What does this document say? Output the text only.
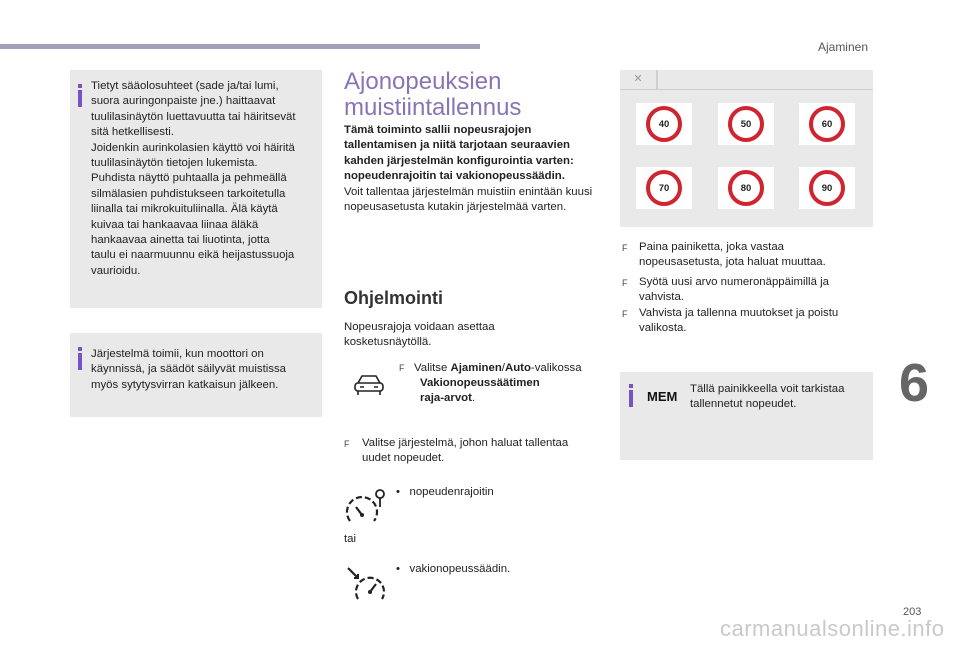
Ajaminen
6
203
carmanualsonline.info
Tietyt sääolosuhteet (sade ja/tai lumi,
suora auringonpaiste jne.) haittaavat
tuulilasinäytön luettavuutta tai häiritsevät
sitä hetkellisesti.
Joidenkin aurinkolasien käyttö voi häiritä
tuulilasinäytön tietojen lukemista.
Puhdista näyttö puhtaalla ja pehmeällä
silmälasien puhdistukseen tarkoitetulla
liinalla tai mikrokuituliinalla. Älä käytä
kuivaa tai hankaavaa liinaa äläkä
hankaavaa ainetta tai liuotinta, jotta
taulu ei naarmuunnu eikä heijastussuoja
vaurioidu.
Järjestelmä toimii, kun moottori on
käynnissä, ja säädöt säilyvät muistissa
myös sytytysvirran katkaisun jälkeen.
Ajonopeuksien
muistiintallennus
Tämä toiminto sallii nopeusrajojen tallentamisen ja niitä tarjotaan seuraavien kahden järjestelmän konfigurointia varten: nopeudenrajoitin tai vakionopeussäädin.
Voit tallentaa järjestelmän muistiin enintään kuusi nopeusasetusta kutakin järjestelmää varten.
Ohjelmointi
Nopeusrajoja voidaan asettaa kosketusnäytöllä.
F Valitse Ajaminen/Auto-valikossa
Vakionopeussäätimen raja-arvot.
F	Valitse järjestelmä, johon haluat tallentaa uudet nopeudet.
• nopeudenrajoitin
tai
• vakionopeussäädin.
✕
40	50	60
70	80	90
F	Paina painiketta, joka vastaa nopeusasetusta, jota haluat muuttaa.
F	Syötä uusi arvo numeronäppäimillä ja vahvista.
F	Vahvista ja tallenna muutokset ja poistu valikosta.
MEM Tällä painikkeella voit tarkistaa tallennetut nopeudet.
